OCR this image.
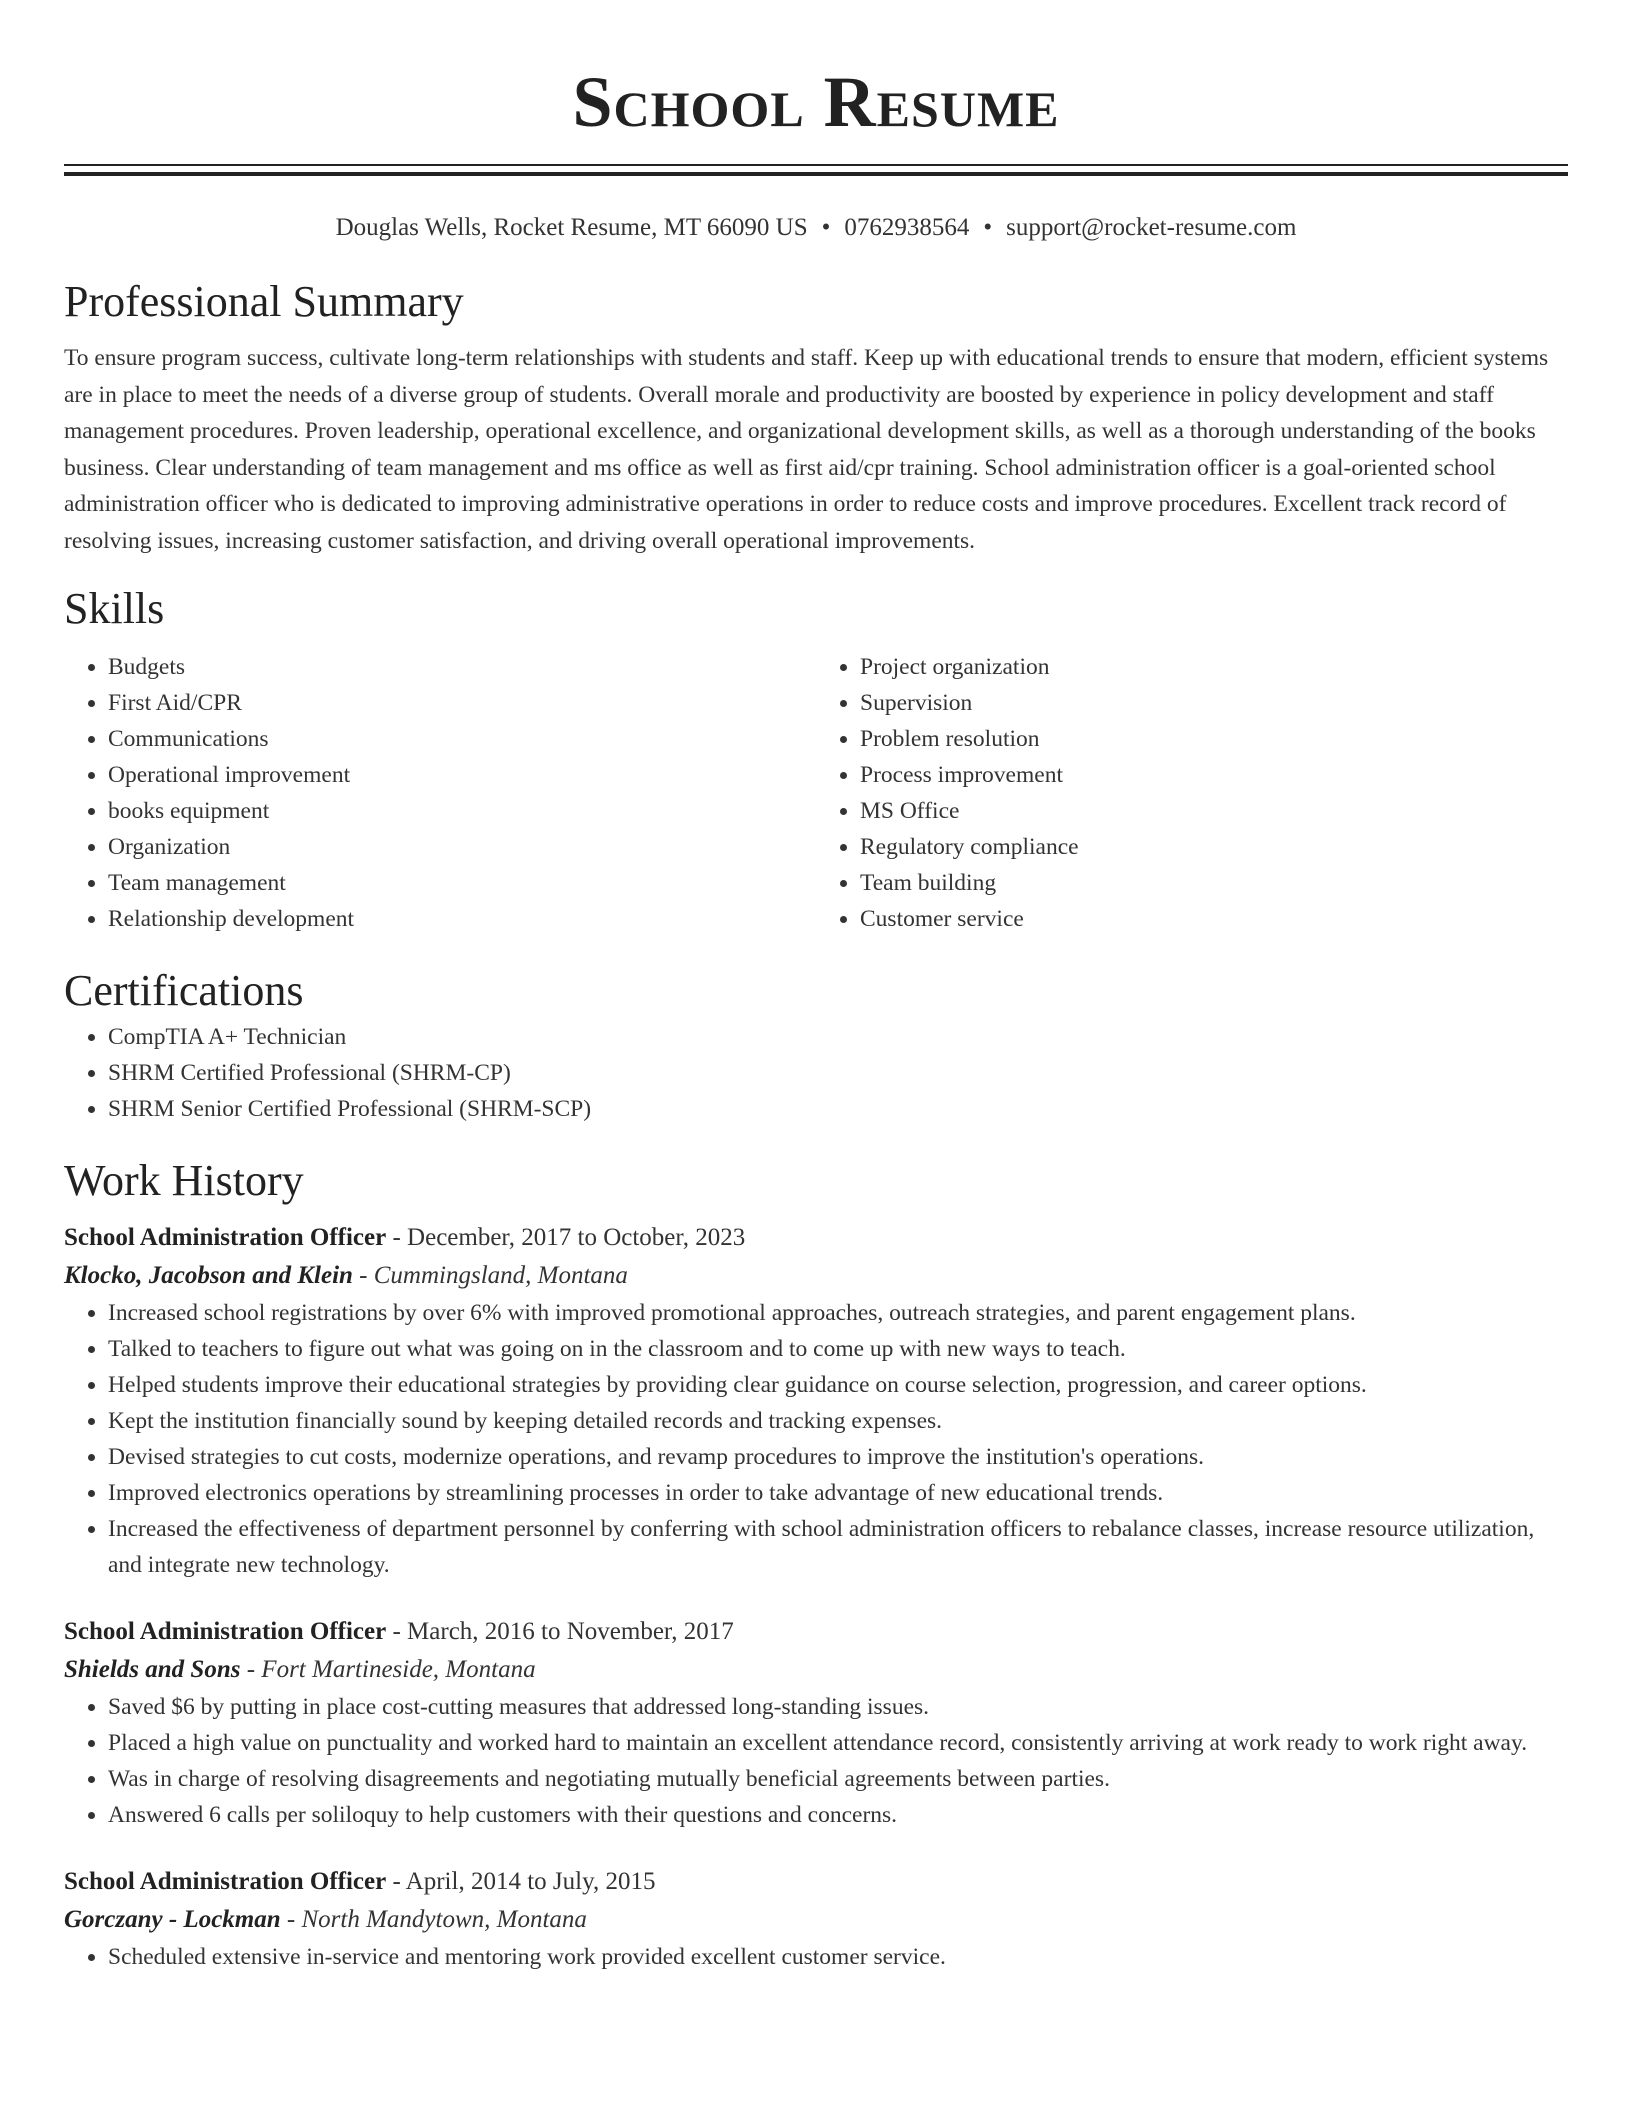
School Resume
Douglas Wells, Rocket Resume, MT 66090 US • 0762938564 • support@rocket-resume.com
Professional Summary

To ensure program success, cultivate long-term relationships with students and staff. Keep up with educational trends to ensure that modern, efficient systems are in place to meet the needs of a diverse group of students. Overall morale and productivity are boosted by experience in policy development and staff management procedures. Proven leadership, operational excellence, and organizational development skills, as well as a thorough understanding of the books business. Clear understanding of team management and ms office as well as first aid/cpr training. School administration officer is a goal-oriented school administration officer who is dedicated to improving administrative operations in order to reduce costs and improve procedures. Excellent track record of resolving issues, increasing customer satisfaction, and driving overall operational improvements.

Skills
• Budgets
• First Aid/CPR
• Communications
• Operational improvement
• books equipment
• Organization
• Team management
• Relationship development
• Project organization
• Supervision
• Problem resolution
• Process improvement
• MS Office
• Regulatory compliance
• Team building
• Customer service
Certifications
• CompTIA A+ Technician
• SHRM Certified Professional (SHRM-CP)
• SHRM Senior Certified Professional (SHRM-SCP)
Work History
School Administration Officer - December, 2017 to October, 2023
Klocko, Jacobson and Klein - Cummingsland, Montana
• Increased school registrations by over 6% with improved promotional approaches, outreach strategies, and parent engagement plans.
• Talked to teachers to figure out what was going on in the classroom and to come up with new ways to teach.
• Helped students improve their educational strategies by providing clear guidance on course selection, progression, and career options.
• Kept the institution financially sound by keeping detailed records and tracking expenses.
• Devised strategies to cut costs, modernize operations, and revamp procedures to improve the institution's operations.
• Improved electronics operations by streamlining processes in order to take advantage of new educational trends.
• Increased the effectiveness of department personnel by conferring with school administration officers to rebalance classes, increase resource utilization, and integrate new technology.
School Administration Officer - March, 2016 to November, 2017
Shields and Sons - Fort Martineside, Montana
• Saved $6 by putting in place cost-cutting measures that addressed long-standing issues.
• Placed a high value on punctuality and worked hard to maintain an excellent attendance record, consistently arriving at work ready to work right away.
• Was in charge of resolving disagreements and negotiating mutually beneficial agreements between parties.
• Answered 6 calls per soliloquy to help customers with their questions and concerns.
School Administration Officer - April, 2014 to July, 2015
Gorczany - Lockman - North Mandytown, Montana
• Scheduled extensive in-service and mentoring work provided excellent customer service.
